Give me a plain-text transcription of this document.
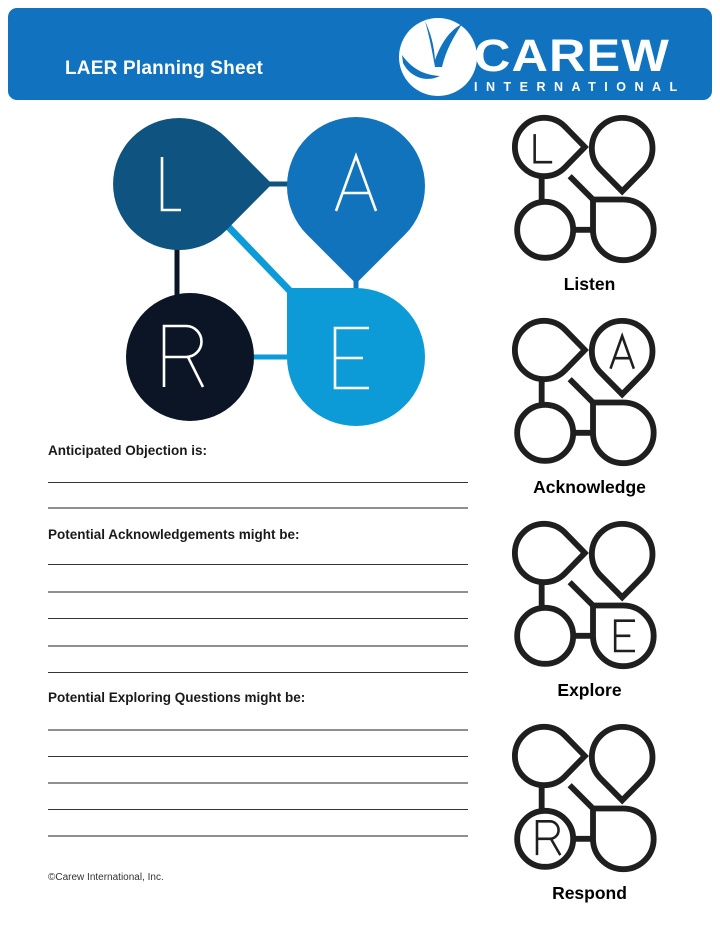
LAER Planning Sheet	CAREW
INTERNATIONAL
Listen
Acknowledge
Explore
Respond
Anticipated Objection is:
Potential Acknowledgements might be:
Potential Exploring Questions might be:
©Carew International, Inc.
